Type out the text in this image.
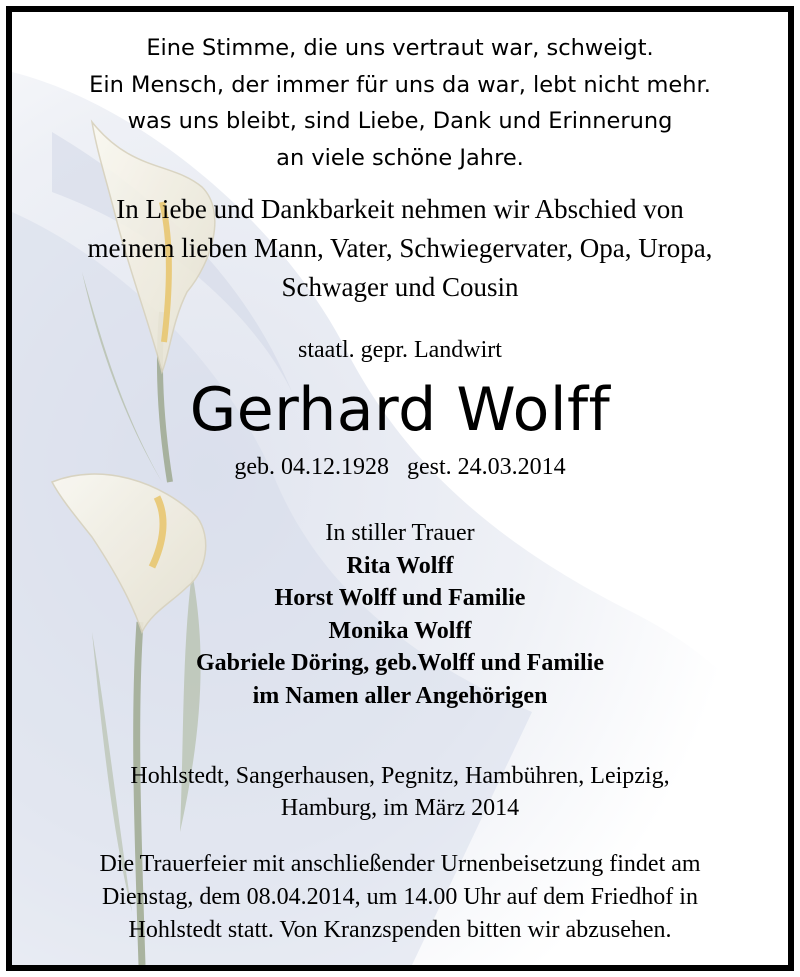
Eine Stimme, die uns vertraut war, schweigt.
Ein Mensch, der immer für uns da war, lebt nicht mehr.
was uns bleibt, sind Liebe, Dank und Erinnerung
an viele schöne Jahre.
In Liebe und Dankbarkeit nehmen wir Abschied von
meinem lieben Mann, Vater, Schwiegervater, Opa, Uropa,
Schwager und Cousin
staatl. gepr. Landwirt
Gerhard Wolff
geb. 04.12.1928   gest. 24.03.2014
In stiller Trauer
Rita Wolff
Horst Wolff und Familie
Monika Wolff
Gabriele Döring, geb.Wolff und Familie
im Namen aller Angehörigen
Hohlstedt, Sangerhausen, Pegnitz, Hambühren, Leipzig,
Hamburg, im März 2014
Die Trauerfeier mit anschließender Urnenbeisetzung findet am
Dienstag, dem 08.04.2014, um 14.00 Uhr auf dem Friedhof in
Hohlstedt statt. Von Kranzspenden bitten wir abzusehen.
